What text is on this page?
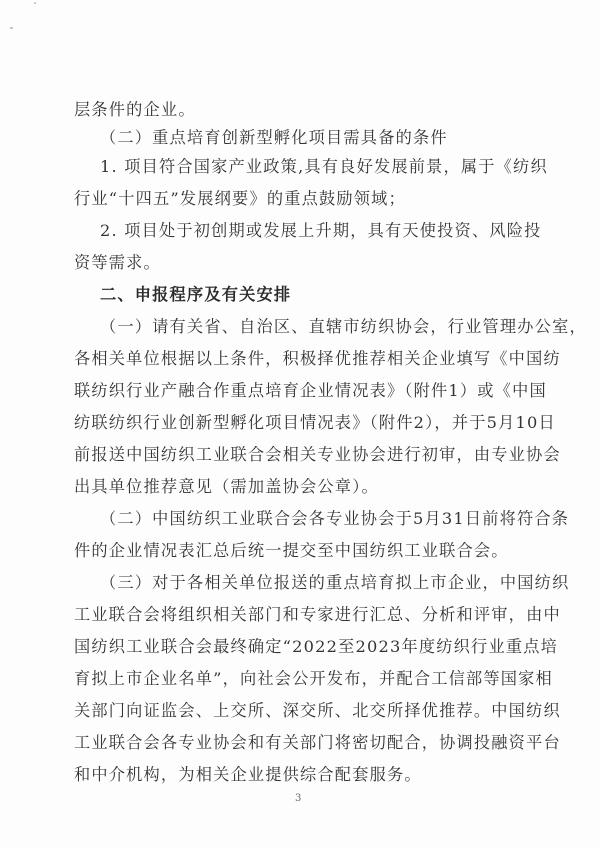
层条件的企业。
（二）重点培育创新型孵化项目需具备的条件
1. 项目符合国家产业政策,具有良好发展前景，属于《纺织
行业“十四五”发展纲要》的重点鼓励领域；
2. 项目处于初创期或发展上升期，具有天使投资、风险投
资等需求。
二、申报程序及有关安排
（一）请有关省、自治区、直辖市纺织协会，行业管理办公室，
各相关单位根据以上条件，积极择优推荐相关企业填写《中国纺
联纺织行业产融合作重点培育企业情况表》（附件1）或《中国
纺联纺织行业创新型孵化项目情况表》（附件2），并于5月10日
前报送中国纺织工业联合会相关专业协会进行初审，由专业协会
出具单位推荐意见（需加盖协会公章）。
（二）中国纺织工业联合会各专业协会于5月31日前将符合条
件的企业情况表汇总后统一提交至中国纺织工业联合会。
（三）对于各相关单位报送的重点培育拟上市企业，中国纺织
工业联合会将组织相关部门和专家进行汇总、分析和评审，由中
国纺织工业联合会最终确定“2022至2023年度纺织行业重点培
育拟上市企业名单”，向社会公开发布，并配合工信部等国家相
关部门向证监会、上交所、深交所、北交所择优推荐。中国纺织
工业联合会各专业协会和有关部门将密切配合，协调投融资平台
和中介机构，为相关企业提供综合配套服务。
3
